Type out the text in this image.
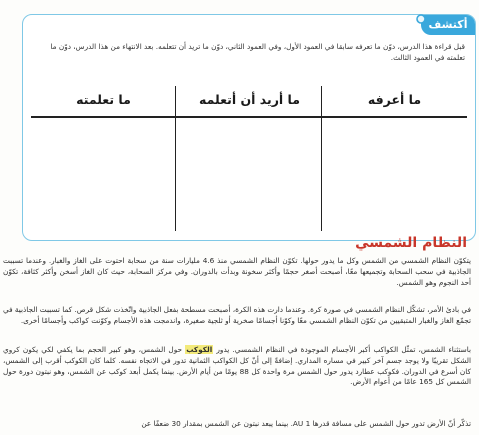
أكتشف
قبل قراءة هذا الدرس، دوّن ما تعرفه سابقا في العمود الأول، وفي العمود الثاني، دوّن ما تريد أن تتعلمه. بعد الانتهاء من هذا الدرس، دوّن ما تعلمته في العمود الثالث.
ما أعرفه
ما أريد أن أتعلمه
ما تعلمته
النظام الشمسي
يتكوّن النظام الشمسي من الشمس وكل ما يدور حولها. تكوّن النظام الشمسي منذ 4.6 مليارات سنة من سحابة احتوت على الغاز والغبار. وعندما تسببت الجاذبية في سحب السحابة وتجميعها معًا، أصبحت أصغر حجمًا وأكثر سخونة وبدأت بالدوران. وفي مركز السحابة، حيث كان الغاز أسخن وأكثر كثافة، تكوّن أحد النجوم وهو الشمس.
في بادئ الأمر، تشكّل النظام الشمسي في صورة كرة. وعندما دارت هذه الكرة، أصبحت مسطحة بفعل الجاذبية واتّخذت شكل قرص. كما تسببت الجاذبية في تجمّع الغاز والغبار المتبقيين من تكوّن النظام الشمسي معًا وكوّنا أجسامًا صخرية أو ثلجية صغيرة، واندمجت هذه الأجسام وكوّنت كواكب وأجسامًا أخرى.
باستثناء الشمس، تمثّل الكواكب أكبر الأجسام الموجودة في النظام الشمسي. يدور الكوكب حول الشمس، وهو كبير الحجم بما يكفي لكي يكون كروي الشكل تقريبًا ولا يوجد جسم آخر كبير في مساره المداري. إضافةً إلى أنّ كل الكواكب الثمانية تدور في الاتجاه نفسه. كلما كان الكوكب أقرب إلى الشمس، كان أسرع في الدوران. فكوكب عطارد يدور حول الشمس مرة واحدة كل 88 يومًا من أيام الأرض. بينما يكمل أبعد كوكب عن الشمس، وهو نبتون دورة حول الشمس كل 165 عامًا من أعوام الأرض.
تذكّر أنّ الأرض تدور حول الشمس على مسافة قدرها 1 AU. بينما يبعد نبتون عن الشمس بمقدار 30 ضعفًا عن
